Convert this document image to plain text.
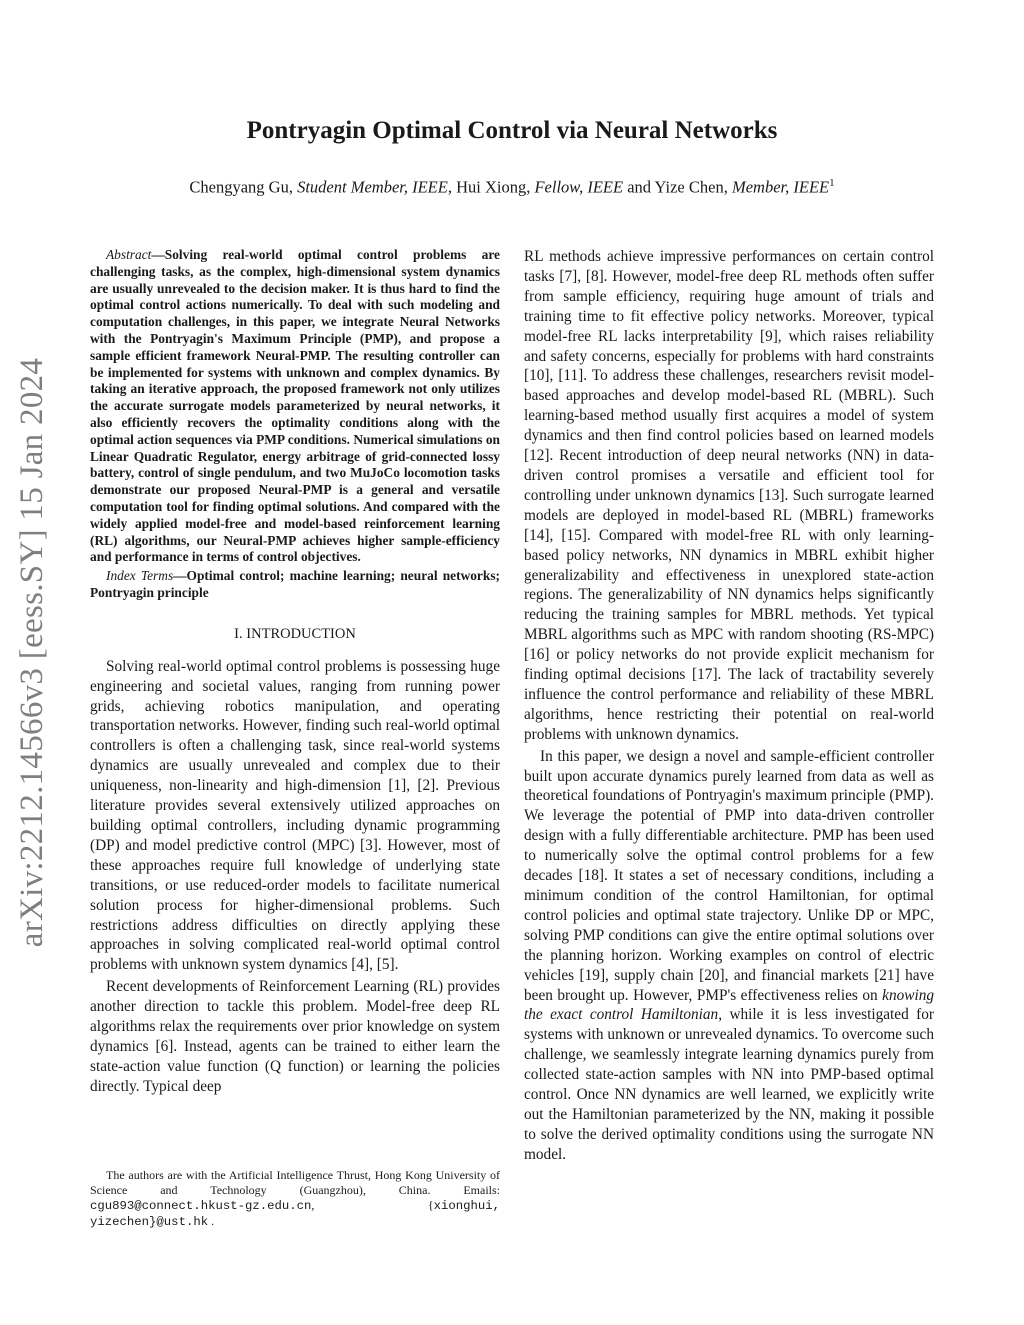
arXiv:2212.14566v3 [eess.SY] 15 Jan 2024
Pontryagin Optimal Control via Neural Networks

Chengyang Gu, Student Member, IEEE, Hui Xiong, Fellow, IEEE and Yize Chen, Member, IEEE$^1$

Abstract—Solving real-world optimal control problems are challenging tasks, as the complex, high-dimensional system dynamics are usually unrevealed to the decision maker. It is thus hard to find the optimal control actions numerically. To deal with such modeling and computation challenges, in this paper, we integrate Neural Networks with the Pontryagin's Maximum Principle (PMP), and propose a sample efficient framework Neural-PMP. The resulting controller can be implemented for systems with unknown and complex dynamics. By taking an iterative approach, the proposed framework not only utilizes the accurate surrogate models parameterized by neural networks, it also efficiently recovers the optimality conditions along with the optimal action sequences via PMP conditions. Numerical simulations on Linear Quadratic Regulator, energy arbitrage of grid-connected lossy battery, control of single pendulum, and two MuJoCo locomotion tasks demonstrate our proposed Neural-PMP is a general and versatile computation tool for finding optimal solutions. And compared with the widely applied model-free and model-based reinforcement learning (RL) algorithms, our Neural-PMP achieves higher sample-efficiency and performance in terms of control objectives.

Index Terms—Optimal control; machine learning; neural networks; Pontryagin principle

I. INTRODUCTION

Solving real-world optimal control problems is possessing huge engineering and societal values, ranging from running power grids, achieving robotics manipulation, and operating transportation networks. However, finding such real-world optimal controllers is often a challenging task, since real-world systems dynamics are usually unrevealed and complex due to their uniqueness, non-linearity and high-dimension [1], [2]. Previous literature provides several extensively utilized approaches on building optimal controllers, including dynamic programming (DP) and model predictive control (MPC) [3]. However, most of these approaches require full knowledge of underlying state transitions, or use reduced-order models to facilitate numerical solution process for higher-dimensional problems. Such restrictions address difficulties on directly applying these approaches in solving complicated real-world optimal control problems with unknown system dynamics [4], [5].

Recent developments of Reinforcement Learning (RL) provides another direction to tackle this problem. Model-free deep RL algorithms relax the requirements over prior knowledge on system dynamics [6]. Instead, agents can be trained to either learn the state-action value function (Q function) or learning the policies directly. Typical deep

RL methods achieve impressive performances on certain control tasks [7], [8]. However, model-free deep RL methods often suffer from sample efficiency, requiring huge amount of trials and training time to fit effective policy networks. Moreover, typical model-free RL lacks interpretability [9], which raises reliability and safety concerns, especially for problems with hard constraints [10], [11]. To address these challenges, researchers revisit model-based approaches and develop model-based RL (MBRL). Such learning-based method usually first acquires a model of system dynamics and then find control policies based on learned models [12]. Recent introduction of deep neural networks (NN) in data-driven control promises a versatile and efficient tool for controlling under unknown dynamics [13]. Such surrogate learned models are deployed in model-based RL (MBRL) frameworks [14], [15]. Compared with model-free RL with only learning-based policy networks, NN dynamics in MBRL exhibit higher generalizability and effectiveness in unexplored state-action regions. The generalizability of NN dynamics helps significantly reducing the training samples for MBRL methods. Yet typical MBRL algorithms such as MPC with random shooting (RS-MPC) [16] or policy networks do not provide explicit mechanism for finding optimal decisions [17]. The lack of tractability severely influence the control performance and reliability of these MBRL algorithms, hence restricting their potential on real-world problems with unknown dynamics.

In this paper, we design a novel and sample-efficient controller built upon accurate dynamics purely learned from data as well as theoretical foundations of Pontryagin's maximum principle (PMP). We leverage the potential of PMP into data-driven controller design with a fully differentiable architecture. PMP has been used to numerically solve the optimal control problems for a few decades [18]. It states a set of necessary conditions, including a minimum condition of the control Hamiltonian, for optimal control policies and optimal state trajectory. Unlike DP or MPC, solving PMP conditions can give the entire optimal solutions over the planning horizon. Working examples on control of electric vehicles [19], supply chain [20], and financial markets [21] have been brought up. However, PMP's effectiveness relies on knowing the exact control Hamiltonian, while it is less investigated for systems with unknown or unrevealed dynamics. To overcome such challenge, we seamlessly integrate learning dynamics purely from collected state-action samples with NN into PMP-based optimal control. Once NN dynamics are well learned, we explicitly write out the Hamiltonian parameterized by the NN, making it possible to solve the derived optimality conditions using the surrogate NN model.

The authors are with the Artificial Intelligence Thrust, Hong Kong University of Science and Technology (Guangzhou), China. Emails: cgu893@connect.hkust-gz.edu.cn, {xionghui, yizechen}@ust.hk .
